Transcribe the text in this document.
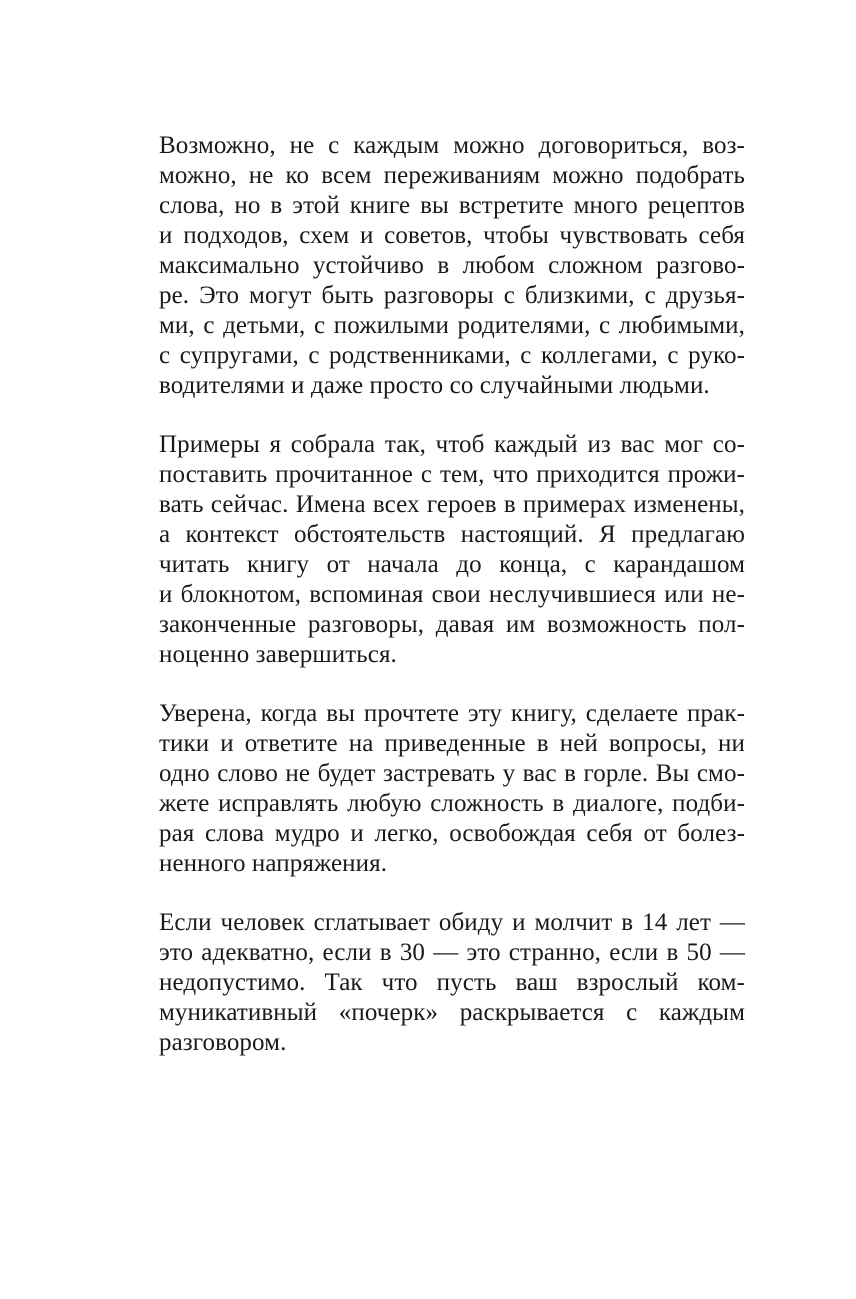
Возможно, не с каждым можно договориться, воз-
можно, не ко всем переживаниям можно подобрать
слова, но в этой книге вы встретите много рецептов
и подходов, схем и советов, чтобы чувствовать себя
максимально устойчиво в любом сложном разгово-
ре. Это могут быть разговоры с близкими, с друзья-
ми, с детьми, с пожилыми родителями, с любимыми,
с супругами, с родственниками, с коллегами, с руко-
водителями и даже просто со случайными людьми.

Примеры я собрала так, чтоб каждый из вас мог со-
поставить прочитанное с тем, что приходится прожи-
вать сейчас. Имена всех героев в примерах изменены,
а контекст обстоятельств настоящий. Я предлагаю
читать книгу от начала до конца, с карандашом
и блокнотом, вспоминая свои неслучившиеся или не-
законченные разговоры, давая им возможность пол-
ноценно завершиться.

Уверена, когда вы прочтете эту книгу, сделаете прак-
тики и ответите на приведенные в ней вопросы, ни
одно слово не будет застревать у вас в горле. Вы смо-
жете исправлять любую сложность в диалоге, подби-
рая слова мудро и легко, освобождая себя от болез-
ненного напряжения.

Если человек сглатывает обиду и молчит в 14 лет —
это адекватно, если в 30 — это странно, если в 50 —
недопустимо. Так что пусть ваш взрослый ком-
муникативный «почерк» раскрывается с каждым
разговором.
